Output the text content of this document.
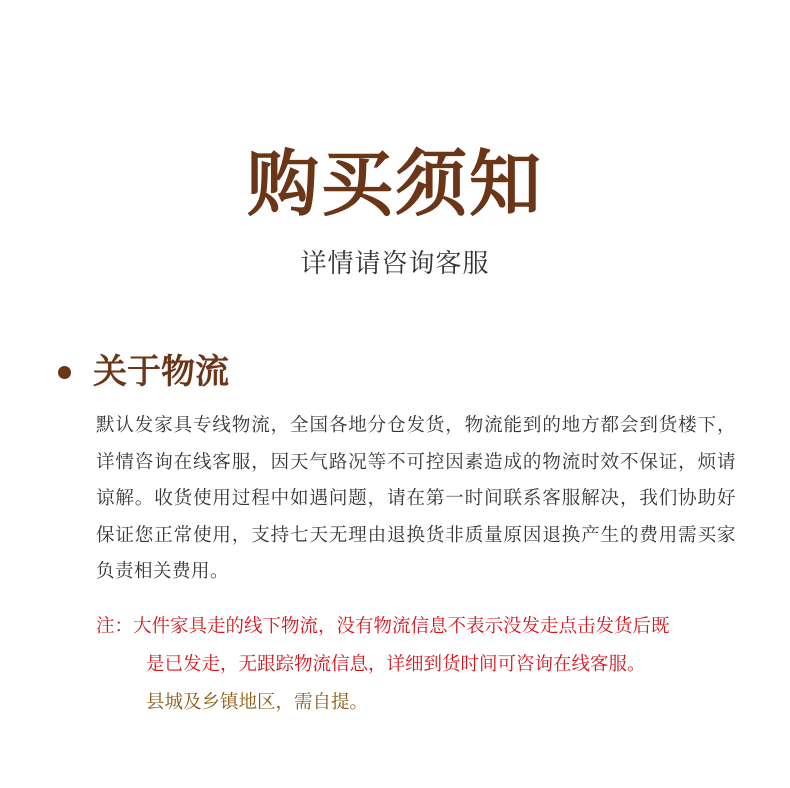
购买须知
详情请咨询客服
关于物流

默认发家具专线物流，全国各地分仓发货，物流能到的地方都会到货楼下，详情咨询在线客服，因天气路况等不可控因素造成的物流时效不保证，烦请谅解。收货使用过程中如遇问题，请在第一时间联系客服解决，我们协助好保证您正常使用，支持七天无理由退换货非质量原因退换产生的费用需买家负责相关费用。

注：大件家具走的线下物流，没有物流信息不表示没发走点击发货后既
是已发走，无跟踪物流信息，详细到货时间可咨询在线客服。
县城及乡镇地区，需自提。
